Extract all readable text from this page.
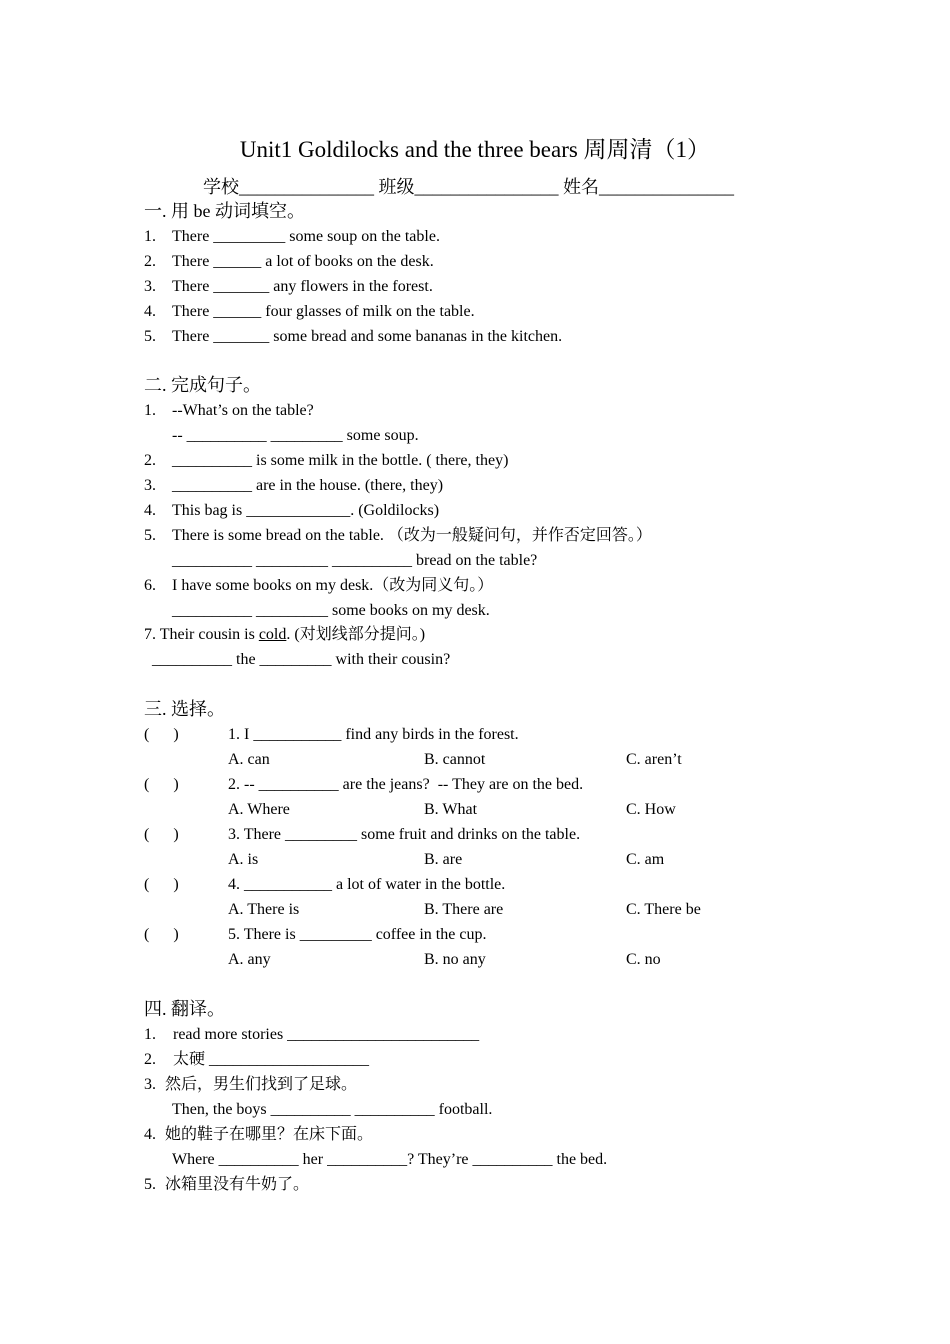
Unit1 Goldilocks and the three bears 周周清（1）
学校_______________ 班级________________ 姓名_______________
一. 用 be 动词填空。
1. There _________ some soup on the table.
2. There ______ a lot of books on the desk.
3. There _______ any flowers in the forest.
4. There ______ four glasses of milk on the table.
5. There _______ some bread and some bananas in the kitchen.
二. 完成句子。
1. --What’s on the table?
-- __________ _________ some soup.
2. __________ is some milk in the bottle. ( there, they)
3. __________ are in the house. (there, they)
4. This bag is _____________. (Goldilocks)
5. There is some bread on the table. （改为一般疑问句，并作否定回答。）
__________ _________ __________ bread on the table?
6. I have some books on my desk.（改为同义句。）
__________ _________ some books on my desk.
7. Their cousin is cold. (对划线部分提问。)
__________ the _________ with their cousin?
三. 选择。
(      )	1. I ___________ find any birds in the forest.
A. can	B. cannot	C. aren’t
(      )	2. -- __________ are the jeans?  -- They are on the bed.
A. Where	B. What	C. How
(      )	3. There _________ some fruit and drinks on the table.
A. is	B. are	C. am
(      )	4. ___________ a lot of water in the bottle.
A. There is	B. There are	C. There be
(      )	5. There is _________ coffee in the cup.
A. any	B. no any	C. no
四. 翻译。
1. read more stories ________________________
2. 太硬 ____________________
3. 然后，男生们找到了足球。
Then, the boys __________ __________ football.
4. 她的鞋子在哪里？在床下面。
Where __________ her __________? They’re __________ the bed.
5. 冰箱里没有牛奶了。
